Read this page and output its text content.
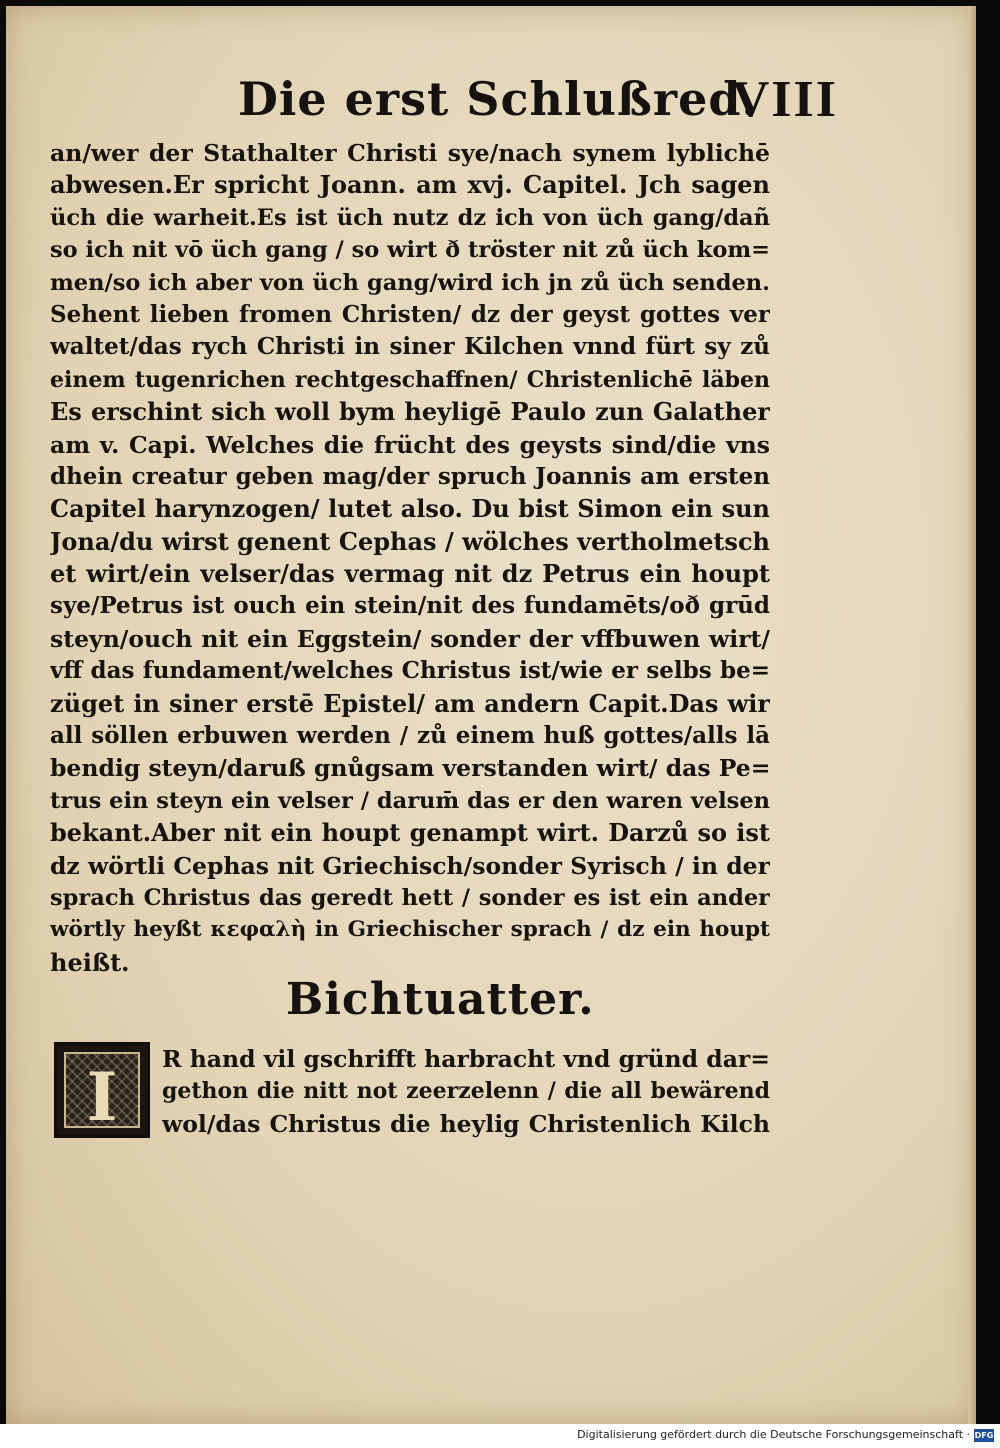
Die erst Schlußred.
VIII
an/wer der Stathalter Christi sye/nach synem lyblichē
abwesen.Er spricht Joann. am xvj. Capitel. Jch sagen
üch die warheit.Es ist üch nutz dz ich von üch gang/dañ
so ich nit vō üch gang / so wirt ð tröster nit zů üch kom=
men/so ich aber von üch gang/wird ich jn zů üch senden.
Sehent lieben fromen Christen/ dz der geyst gottes ver
waltet/das rych Christi in siner Kilchen vnnd fürt sy zů
einem tugenrichen rechtgeschaffnen/ Christenlichē läben
Es erschint sich woll bym heyligē Paulo zun Galather
am v. Capi. Welches die frücht des geysts sind/die vns
dhein creatur geben mag/der spruch Joannis am ersten
Capitel harynzogen/ lutet also. Du bist Simon ein sun
Jona/du wirst genent Cephas / wölches vertholmetsch
et wirt/ein velser/das vermag nit dz Petrus ein houpt
sye/Petrus ist ouch ein stein/nit des fundamēts/oð grūd
steyn/ouch nit ein Eggstein/ sonder der vffbuwen wirt/
vff das fundament/welches Christus ist/wie er selbs be=
züget in siner erstē Epistel/ am andern Capit.Das wir
all söllen erbuwen werden / zů einem huß gottes/alls lā
bendig steyn/daruß gnůgsam verstanden wirt/ das Pe=
trus ein steyn ein velser / darum̄ das er den waren velsen
bekant.Aber nit ein houpt genampt wirt. Darzů so ist
dz wörtli Cephas nit Griechisch/sonder Syrisch / in der
sprach Christus das geredt hett / sonder es ist ein ander
wörtly heyßt κεφαλὴ in Griechischer sprach / dz ein houpt
heißt.
Bichtuatter.
I	R hand vil gschrifft harbracht vnd gründ dar=
gethon die nitt not zeerzelenn / die all bewärend
wol/das Christus die heylig Christenlich Kilch
Digitalisierung gefördert durch die Deutsche Forschungsgemeinschaft · DFG
